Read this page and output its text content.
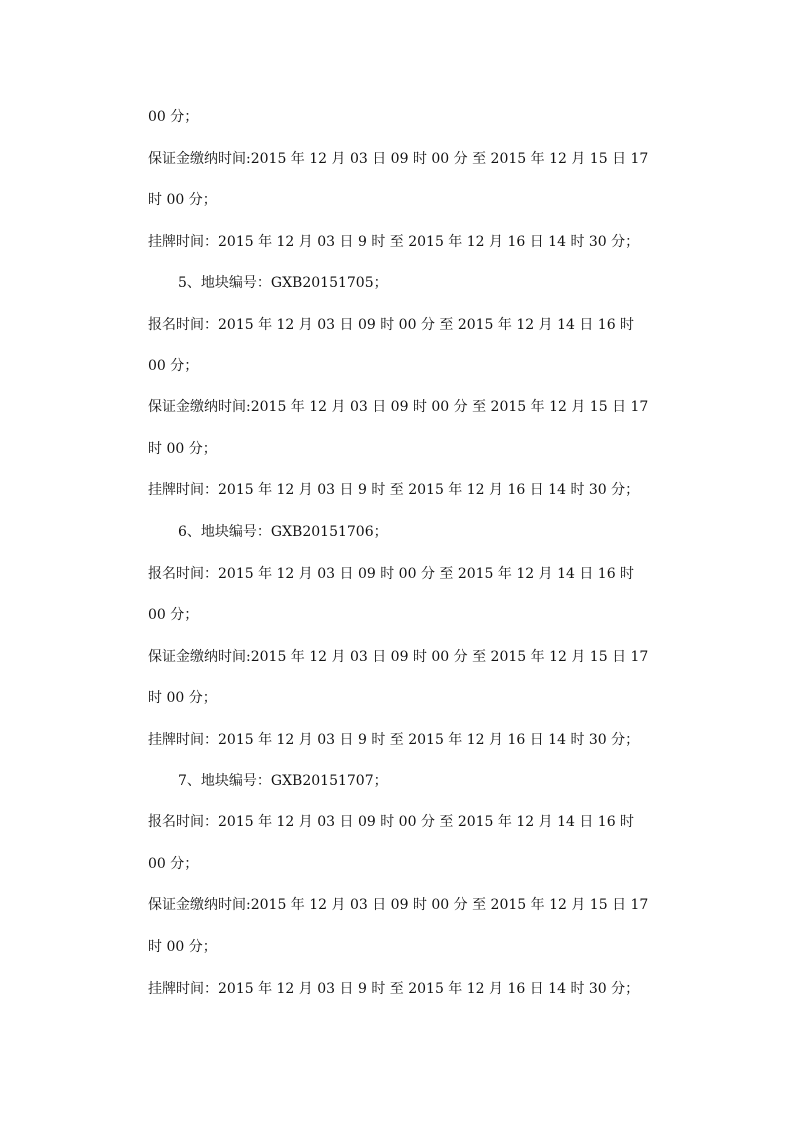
00 分；
保证金缴纳时间:2015 年 12 月 03 日 09 时 00 分 至 2015 年 12 月 15 日 17
时 00 分；
挂牌时间：2015 年 12 月 03 日 9 时 至 2015 年 12 月 16 日 14 时 30 分；
5、地块编号：GXB20151705；
报名时间：2015 年 12 月 03 日 09 时 00 分 至 2015 年 12 月 14 日 16 时
00 分；
保证金缴纳时间:2015 年 12 月 03 日 09 时 00 分 至 2015 年 12 月 15 日 17
时 00 分；
挂牌时间：2015 年 12 月 03 日 9 时 至 2015 年 12 月 16 日 14 时 30 分；
6、地块编号：GXB20151706；
报名时间：2015 年 12 月 03 日 09 时 00 分 至 2015 年 12 月 14 日 16 时
00 分；
保证金缴纳时间:2015 年 12 月 03 日 09 时 00 分 至 2015 年 12 月 15 日 17
时 00 分；
挂牌时间：2015 年 12 月 03 日 9 时 至 2015 年 12 月 16 日 14 时 30 分；
7、地块编号：GXB20151707；
报名时间：2015 年 12 月 03 日 09 时 00 分 至 2015 年 12 月 14 日 16 时
00 分；
保证金缴纳时间:2015 年 12 月 03 日 09 时 00 分 至 2015 年 12 月 15 日 17
时 00 分；
挂牌时间：2015 年 12 月 03 日 9 时 至 2015 年 12 月 16 日 14 时 30 分；
